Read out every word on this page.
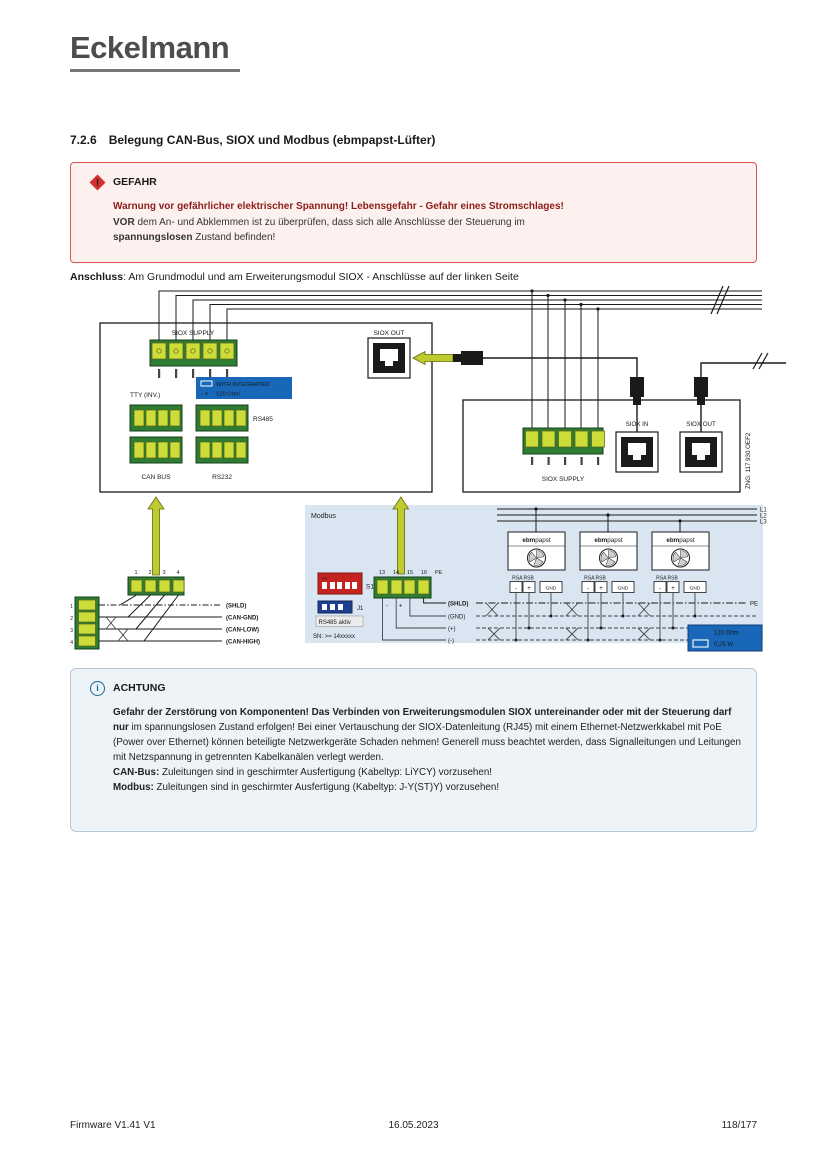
Eckelmann
7.2.6 Belegung CAN-Bus, SIOX und Modbus (ebmpapst-Lüfter)
! GEFAHR
Warnung vor gefährlicher elektrischer Spannung! Lebensgefahr - Gefahr eines Stromschlages!
VOR dem An- und Abklemmen ist zu überprüfen, dass sich alle Anschlüsse der Steuerung im
spannungslosen Zustand befinden!
Anschluss: Am Grundmodul und am Erweiterungsmodul SIOX - Anschlüsse auf der linken Seite
SIOX SUPPLY	SIOX OUT
TTY (INV.)
WITH INTEGRATED
- + 120 Ohm
RS485
CAN BUS	RS232	SIOX SUPPLY
SIOX IN	SIOX OUT
ZNG: 117 930 OEF2
1 2 3 4
1
2
3
4
(SHLD)
(CAN-GND)
(CAN-LOW)
(CAN-HIGH)
Modbus
ON
S1
J1
RS485 aktiv
SN: >= 14xxxxx
13 14 15 16 PE
- +	(SHLD)
(GND)
(+)
(-)
PE
L1
L2
L3
ebmpapst
RSA RSB
- +	GND
ebmpapst
RSA RSB
- +	GND
ebmpapst
RSA RSB
- +	GND
120 Ohm
0,25 W
i	ACHTUNG
Gefahr der Zerstörung von Komponenten! Das Verbinden von Erweiterungsmodulen SIOX untereinander oder mit der Steuerung darf nur im spannungslosen Zustand erfolgen! Bei einer Vertauschung der SIOX-Datenleitung (RJ45) mit einem Ethernet-Netzwerkkabel mit PoE (Power over Ethernet) können beteiligte Netzwerkgeräte Schaden nehmen! Generell muss beachtet werden, dass Signalleitungen und Leitungen mit Netzspannung in getrennten Kabelkanälen verlegt werden.
CAN-Bus: Zuleitungen sind in geschirmter Ausfertigung (Kabeltyp: LiYCY) vorzusehen!
Modbus: Zuleitungen sind in geschirmter Ausfertigung (Kabeltyp: J-Y(ST)Y) vorzusehen!
16.05.2023
Firmware V1.41 V1	118/177
